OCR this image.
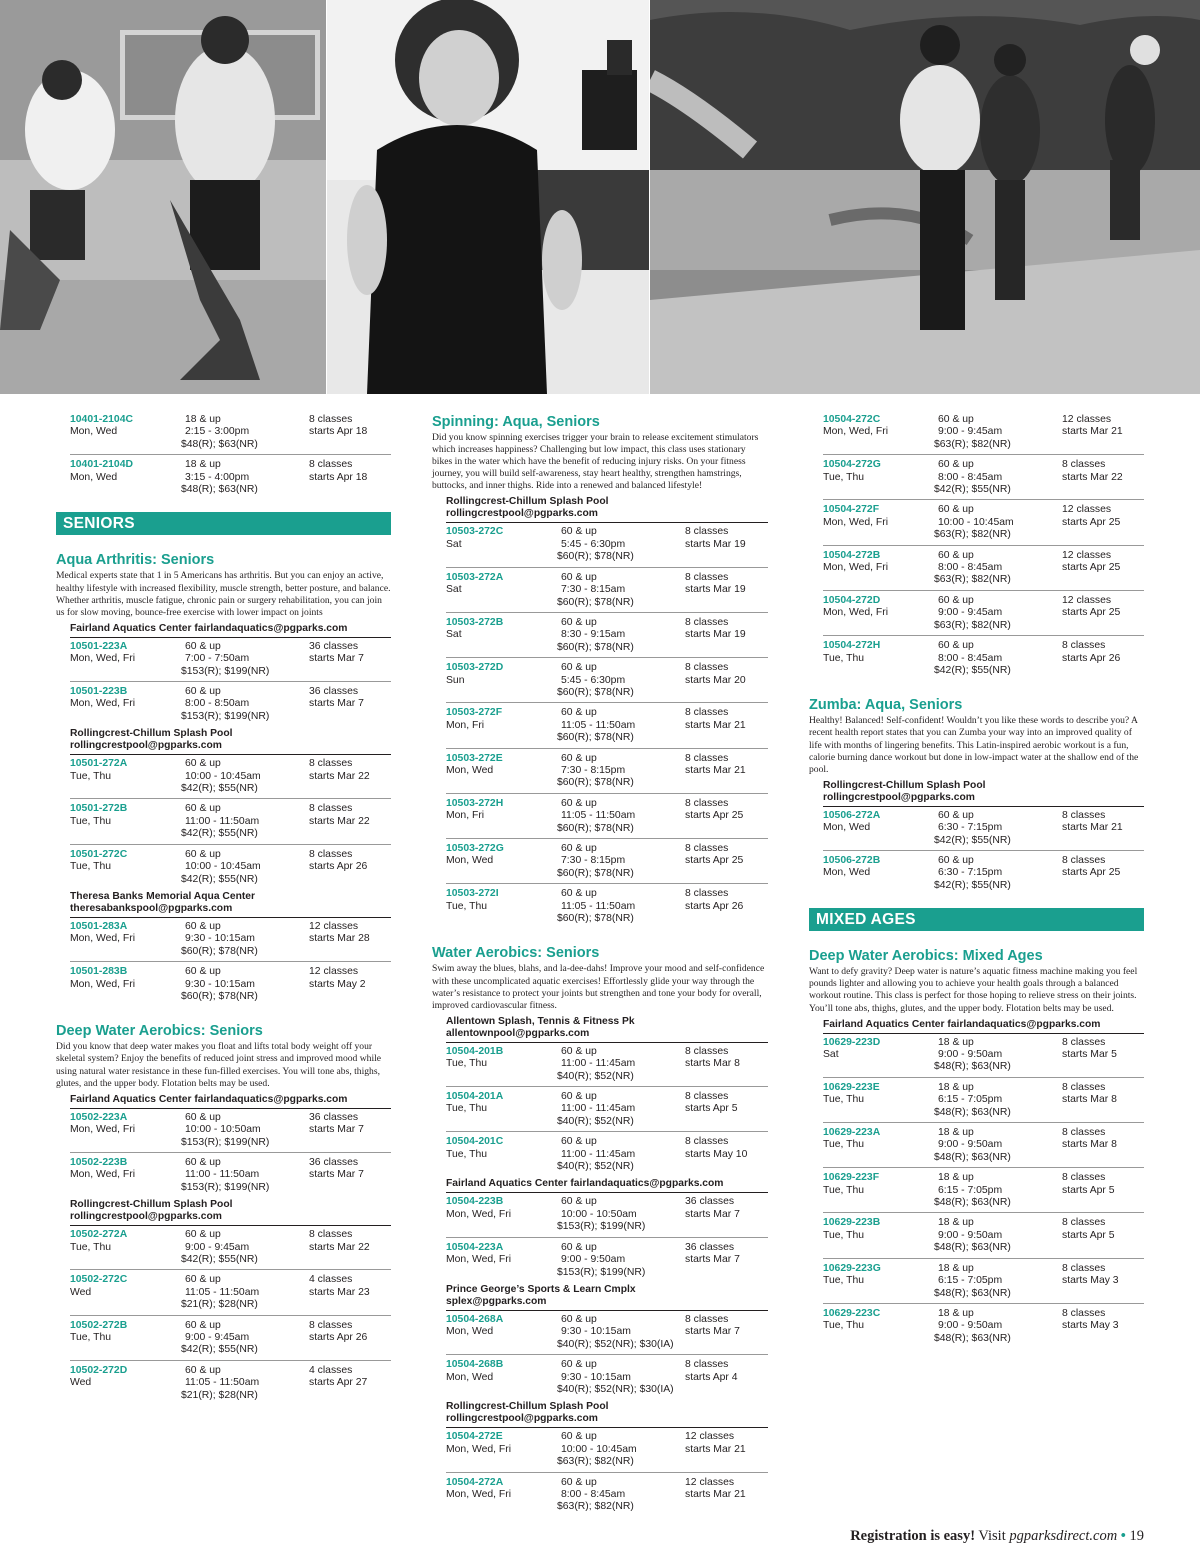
10401-2104C	18 & up	8 classes
Mon, Wed	2:15 - 3:00pm	starts Apr 18
$48(R); $63(NR)
10401-2104D	18 & up	8 classes
Mon, Wed	3:15 - 4:00pm	starts Apr 18
$48(R); $63(NR)
SENIORS
Aqua Arthritis: Seniors
Medical experts state that 1 in 5 Americans has arthritis. But you can enjoy an active, healthy lifestyle with increased flexibility, muscle strength, better posture, and balance. Whether arthritis, muscle fatigue, chronic pain or surgery rehabilitation, you can join us for slow moving, bounce-free exercise with lower impact on joints
Fairland Aquatics Center fairlandaquatics@pgparks.com
10501-223A	60 & up	36 classes
Mon, Wed, Fri	7:00 - 7:50am	starts Mar 7
$153(R); $199(NR)
10501-223B	60 & up	36 classes
Mon, Wed, Fri	8:00 - 8:50am	starts Mar 7
$153(R); $199(NR)
Rollingcrest-Chillum Splash Pool
rollingcrestpool@pgparks.com
10501-272A	60 & up	8 classes
Tue, Thu	10:00 - 10:45am	starts Mar 22
$42(R); $55(NR)
10501-272B	60 & up	8 classes
Tue, Thu	11:00 - 11:50am	starts Mar 22
$42(R); $55(NR)
10501-272C	60 & up	8 classes
Tue, Thu	10:00 - 10:45am	starts Apr 26
$42(R); $55(NR)
Theresa Banks Memorial Aqua Center
theresabankspool@pgparks.com
10501-283A	60 & up	12 classes
Mon, Wed, Fri	9:30 - 10:15am	starts Mar 28
$60(R); $78(NR)
10501-283B	60 & up	12 classes
Mon, Wed, Fri	9:30 - 10:15am	starts May 2
$60(R); $78(NR)
Deep Water Aerobics: Seniors
Did you know that deep water makes you float and lifts total body weight off your skeletal system? Enjoy the benefits of reduced joint stress and improved mood while using natural water resistance in these fun-filled exercises. You will tone abs, thighs, glutes, and the upper body. Flotation belts may be used.
Fairland Aquatics Center fairlandaquatics@pgparks.com
10502-223A	60 & up	36 classes
Mon, Wed, Fri	10:00 - 10:50am	starts Mar 7
$153(R); $199(NR)
10502-223B	60 & up	36 classes
Mon, Wed, Fri	11:00 - 11:50am	starts Mar 7
$153(R); $199(NR)
Rollingcrest-Chillum Splash Pool
rollingcrestpool@pgparks.com
10502-272A	60 & up	8 classes
Tue, Thu	9:00 - 9:45am	starts Mar 22
$42(R); $55(NR)
10502-272C	60 & up	4 classes
Wed	11:05 - 11:50am	starts Mar 23
$21(R); $28(NR)
10502-272B	60 & up	8 classes
Tue, Thu	9:00 - 9:45am	starts Apr 26
$42(R); $55(NR)
10502-272D	60 & up	4 classes
Wed	11:05 - 11:50am	starts Apr 27
$21(R); $28(NR)
Spinning: Aqua, Seniors
Did you know spinning exercises trigger your brain to release excitement stimulators which increases happiness? Challenging but low impact, this class uses stationary bikes in the water which have the benefit of reducing injury risks. On your fitness journey, you will build self-awareness, stay heart healthy, strengthen hamstrings, buttocks, and inner thighs. Ride into a renewed and balanced lifestyle!
Rollingcrest-Chillum Splash Pool
rollingcrestpool@pgparks.com
10503-272C	60 & up	8 classes
Sat	5:45 - 6:30pm	starts Mar 19
$60(R); $78(NR)
10503-272A	60 & up	8 classes
Sat	7:30 - 8:15am	starts Mar 19
$60(R); $78(NR)
10503-272B	60 & up	8 classes
Sat	8:30 - 9:15am	starts Mar 19
$60(R); $78(NR)
10503-272D	60 & up	8 classes
Sun	5:45 - 6:30pm	starts Mar 20
$60(R); $78(NR)
10503-272F	60 & up	8 classes
Mon, Fri	11:05 - 11:50am	starts Mar 21
$60(R); $78(NR)
10503-272E	60 & up	8 classes
Mon, Wed	7:30 - 8:15pm	starts Mar 21
$60(R); $78(NR)
10503-272H	60 & up	8 classes
Mon, Fri	11:05 - 11:50am	starts Apr 25
$60(R); $78(NR)
10503-272G	60 & up	8 classes
Mon, Wed	7:30 - 8:15pm	starts Apr 25
$60(R); $78(NR)
10503-272I	60 & up	8 classes
Tue, Thu	11:05 - 11:50am	starts Apr 26
$60(R); $78(NR)
Water Aerobics: Seniors
Swim away the blues, blahs, and la-dee-dahs! Improve your mood and self-confidence with these uncomplicated aquatic exercises! Effortlessly glide your way through the water’s resistance to protect your joints but strengthen and tone your body for overall, improved cardiovascular fitness.
Allentown Splash, Tennis & Fitness Pk
allentownpool@pgparks.com
10504-201B	60 & up	8 classes
Tue, Thu	11:00 - 11:45am	starts Mar 8
$40(R); $52(NR)
10504-201A	60 & up	8 classes
Tue, Thu	11:00 - 11:45am	starts Apr 5
$40(R); $52(NR)
10504-201C	60 & up	8 classes
Tue, Thu	11:00 - 11:45am	starts May 10
$40(R); $52(NR)
Fairland Aquatics Center fairlandaquatics@pgparks.com
10504-223B	60 & up	36 classes
Mon, Wed, Fri	10:00 - 10:50am	starts Mar 7
$153(R); $199(NR)
10504-223A	60 & up	36 classes
Mon, Wed, Fri	9:00 - 9:50am	starts Mar 7
$153(R); $199(NR)
Prince George’s Sports & Learn Cmplx
splex@pgparks.com
10504-268A	60 & up	8 classes
Mon, Wed	9:30 - 10:15am	starts Mar 7
$40(R); $52(NR); $30(IA)
10504-268B	60 & up	8 classes
Mon, Wed	9:30 - 10:15am	starts Apr 4
$40(R); $52(NR); $30(IA)
Rollingcrest-Chillum Splash Pool
rollingcrestpool@pgparks.com
10504-272E	60 & up	12 classes
Mon, Wed, Fri	10:00 - 10:45am	starts Mar 21
$63(R); $82(NR)
10504-272A	60 & up	12 classes
Mon, Wed, Fri	8:00 - 8:45am	starts Mar 21
$63(R); $82(NR)
10504-272C	60 & up	12 classes
Mon, Wed, Fri	9:00 - 9:45am	starts Mar 21
$63(R); $82(NR)
10504-272G	60 & up	8 classes
Tue, Thu	8:00 - 8:45am	starts Mar 22
$42(R); $55(NR)
10504-272F	60 & up	12 classes
Mon, Wed, Fri	10:00 - 10:45am	starts Apr 25
$63(R); $82(NR)
10504-272B	60 & up	12 classes
Mon, Wed, Fri	8:00 - 8:45am	starts Apr 25
$63(R); $82(NR)
10504-272D	60 & up	12 classes
Mon, Wed, Fri	9:00 - 9:45am	starts Apr 25
$63(R); $82(NR)
10504-272H	60 & up	8 classes
Tue, Thu	8:00 - 8:45am	starts Apr 26
$42(R); $55(NR)
Zumba: Aqua, Seniors
Healthy! Balanced! Self-confident! Wouldn’t you like these words to describe you? A recent health report states that you can Zumba your way into an improved quality of life with months of lingering benefits. This Latin-inspired aerobic workout is a fun, calorie burning dance workout but done in low-impact water at the shallow end of the pool.
Rollingcrest-Chillum Splash Pool
rollingcrestpool@pgparks.com
10506-272A	60 & up	8 classes
Mon, Wed	6:30 - 7:15pm	starts Mar 21
$42(R); $55(NR)
10506-272B	60 & up	8 classes
Mon, Wed	6:30 - 7:15pm	starts Apr 25
$42(R); $55(NR)
MIXED AGES
Deep Water Aerobics: Mixed Ages
Want to defy gravity? Deep water is nature’s aquatic fitness machine making you feel pounds lighter and allowing you to achieve your health goals through a balanced workout routine. This class is perfect for those hoping to relieve stress on their joints. You’ll tone abs, thighs, glutes, and the upper body. Flotation belts may be used.
Fairland Aquatics Center fairlandaquatics@pgparks.com
10629-223D	18 & up	8 classes
Sat	9:00 - 9:50am	starts Mar 5
$48(R); $63(NR)
10629-223E	18 & up	8 classes
Tue, Thu	6:15 - 7:05pm	starts Mar 8
$48(R); $63(NR)
10629-223A	18 & up	8 classes
Tue, Thu	9:00 - 9:50am	starts Mar 8
$48(R); $63(NR)
10629-223F	18 & up	8 classes
Tue, Thu	6:15 - 7:05pm	starts Apr 5
$48(R); $63(NR)
10629-223B	18 & up	8 classes
Tue, Thu	9:00 - 9:50am	starts Apr 5
$48(R); $63(NR)
10629-223G	18 & up	8 classes
Tue, Thu	6:15 - 7:05pm	starts May 3
$48(R); $63(NR)
10629-223C	18 & up	8 classes
Tue, Thu	9:00 - 9:50am	starts May 3
$48(R); $63(NR)
Registration is easy! Visit pgparksdirect.com • 19
